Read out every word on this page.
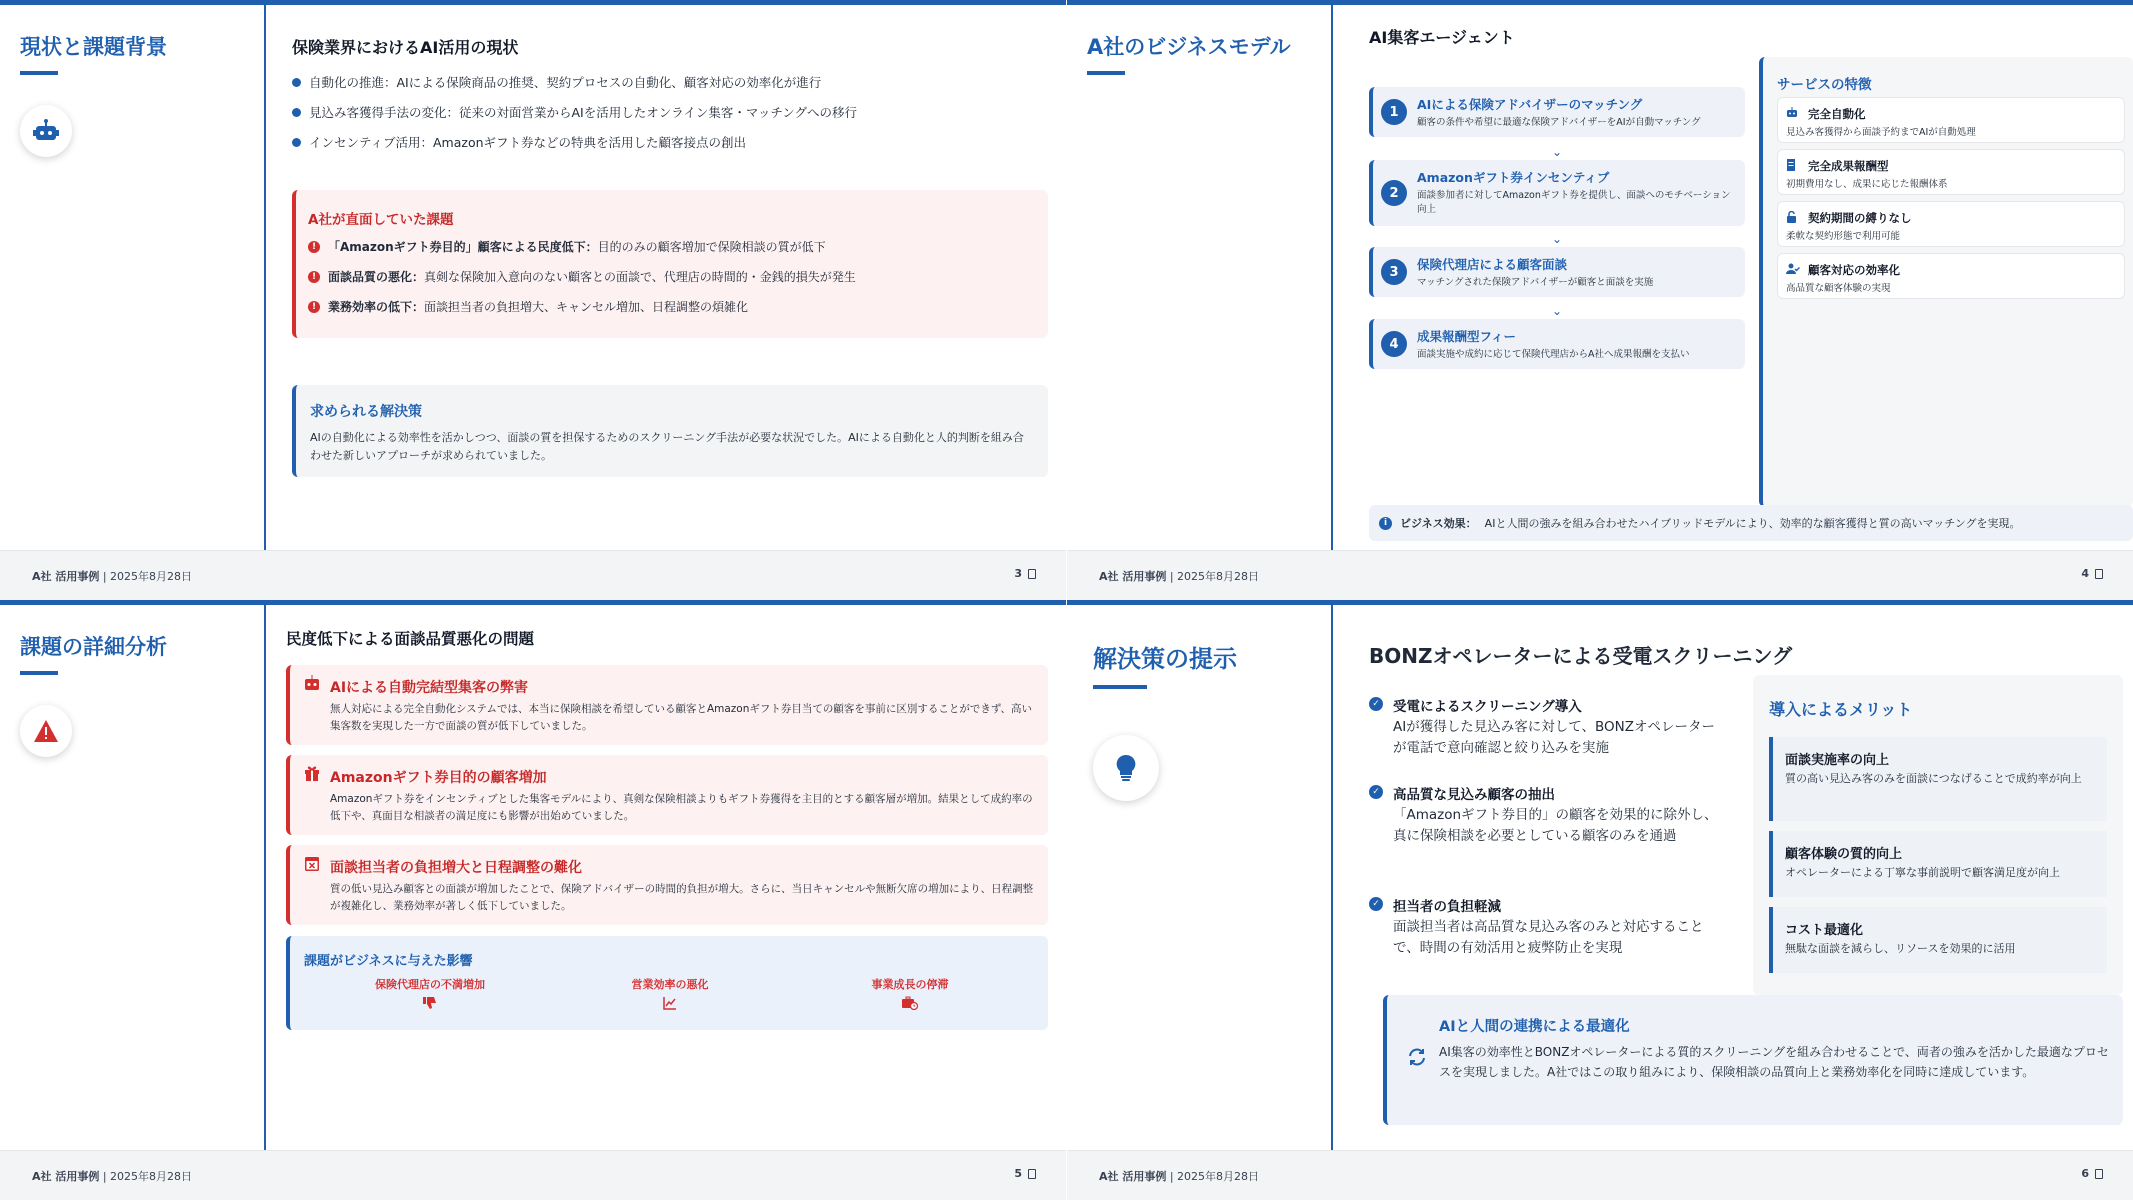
現状と課題背景	保険業界におけるAI活用の現状
自動化の推進：AIによる保険商品の推奨、契約プロセスの自動化、顧客対応の効率化が進行
見込み客獲得手法の変化：従来の対面営業からAIを活用したオンライン集客・マッチングへの移行
インセンティブ活用：Amazonギフト券などの特典を活用した顧客接点の創出
A社が直面していた課題
! 「Amazonギフト券目的」顧客による民度低下：目的のみの顧客増加で保険相談の質が低下
! 面談品質の悪化：真剣な保険加入意向のない顧客との面談で、代理店の時間的・金銭的損失が発生
! 業務効率の低下：面談担当者の負担増大、キャンセル増加、日程調整の煩雑化
求められる解決策
AIの自動化による効率性を活かしつつ、面談の質を担保するためのスクリーニング手法が必要な状況でした。AIによる自動化と人的判断を組み合わせた新しいアプローチが求められていました。
A社 活用事例 | 2025年8月28日	3
A社のビジネスモデル	AI集客エージェント
1	AIによる保険アドバイザーのマッチング
顧客の条件や希望に最適な保険アドバイザーをAIが自動マッチング
⌄
2
Amazonギフト券インセンティブ
面談参加者に対してAmazonギフト券を提供し、面談へのモチベーション向上
⌄
3	保険代理店による顧客面談
マッチングされた保険アドバイザーが顧客と面談を実施
⌄
4	成果報酬型フィー
面談実施や成約に応じて保険代理店からA社へ成果報酬を支払い
サービスの特徴
完全自動化
見込み客獲得から面談予約までAIが自動処理
完全成果報酬型
初期費用なし、成果に応じた報酬体系
契約期間の縛りなし
柔軟な契約形態で利用可能
顧客対応の効率化
高品質な顧客体験の実現
i	ビジネス効果： AIと人間の強みを組み合わせたハイブリッドモデルにより、効率的な顧客獲得と質の高いマッチングを実現。
A社 活用事例 | 2025年8月28日	4
課題の詳細分析	民度低下による面談品質悪化の問題
AIによる自動完結型集客の弊害
無人対応による完全自動化システムでは、本当に保険相談を希望している顧客とAmazonギフト券目当ての顧客を事前に区別することができず、高い集客数を実現した一方で面談の質が低下していました。
Amazonギフト券目的の顧客増加
Amazonギフト券をインセンティブとした集客モデルにより、真剣な保険相談よりもギフト券獲得を主目的とする顧客層が増加。結果として成約率の低下や、真面目な相談者の満足度にも影響が出始めていました。
面談担当者の負担増大と日程調整の難化
質の低い見込み顧客との面談が増加したことで、保険アドバイザーの時間的負担が増大。さらに、当日キャンセルや無断欠席の増加により、日程調整が複雑化し、業務効率が著しく低下していました。
課題がビジネスに与えた影響
保険代理店の不満増加	営業効率の悪化	事業成長の停滞
A社 活用事例 | 2025年8月28日	5
解決策の提示	BONZオペレーターによる受電スクリーニング
✓ 受電によるスクリーニング導入
AIが獲得した見込み客に対して、BONZオペレーターが電話で意向確認と絞り込みを実施
✓ 高品質な見込み顧客の抽出
「Amazonギフト券目的」の顧客を効果的に除外し、真に保険相談を必要としている顧客のみを通過
✓ 担当者の負担軽減
面談担当者は高品質な見込み客のみと対応することで、時間の有効活用と疲弊防止を実現
導入によるメリット
面談実施率の向上
質の高い見込み客のみを面談につなげることで成約率が向上
顧客体験の質的向上
オペレーターによる丁寧な事前説明で顧客満足度が向上
コスト最適化
無駄な面談を減らし、リソースを効果的に活用
AIと人間の連携による最適化
AI集客の効率性とBONZオペレーターによる質的スクリーニングを組み合わせることで、両者の強みを活かした最適なプロセスを実現しました。A社ではこの取り組みにより、保険相談の品質向上と業務効率化を同時に達成しています。
A社 活用事例 | 2025年8月28日	6
